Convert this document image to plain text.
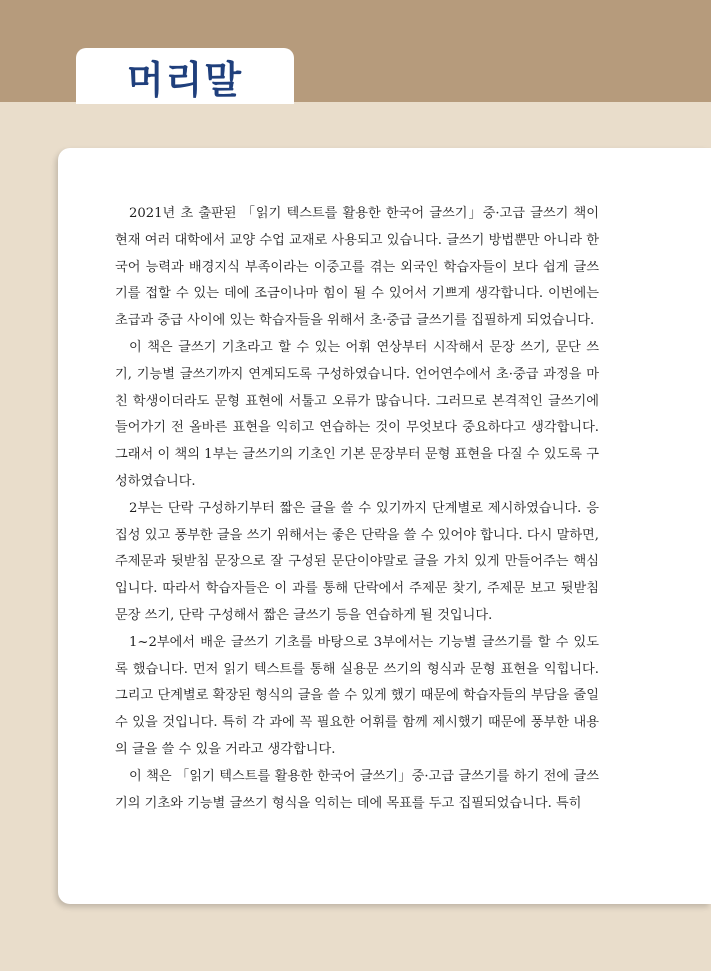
머리말

2021년 초 출판된 「읽기 텍스트를 활용한 한국어 글쓰기」중·고급 글쓰기 책이 현재 여러 대학에서 교양 수업 교재로 사용되고 있습니다. 글쓰기 방법뿐만 아니라 한국어 능력과 배경지식 부족이라는 이중고를 겪는 외국인 학습자들이 보다 쉽게 글쓰기를 접할 수 있는 데에 조금이나마 힘이 될 수 있어서 기쁘게 생각합니다. 이번에는 초급과 중급 사이에 있는 학습자들을 위해서 초·중급 글쓰기를 집필하게 되었습니다.

이 책은 글쓰기 기초라고 할 수 있는 어휘 연상부터 시작해서 문장 쓰기, 문단 쓰기, 기능별 글쓰기까지 연계되도록 구성하였습니다. 언어연수에서 초·중급 과정을 마친 학생이더라도 문형 표현에 서툴고 오류가 많습니다. 그러므로 본격적인 글쓰기에 들어가기 전 올바른 표현을 익히고 연습하는 것이 무엇보다 중요하다고 생각합니다. 그래서 이 책의 1부는 글쓰기의 기초인 기본 문장부터 문형 표현을 다질 수 있도록 구성하였습니다.

2부는 단락 구성하기부터 짧은 글을 쓸 수 있기까지 단계별로 제시하였습니다. 응집성 있고 풍부한 글을 쓰기 위해서는 좋은 단락을 쓸 수 있어야 합니다. 다시 말하면, 주제문과 뒷받침 문장으로 잘 구성된 문단이야말로 글을 가치 있게 만들어주는 핵심입니다. 따라서 학습자들은 이 과를 통해 단락에서 주제문 찾기, 주제문 보고 뒷받침 문장 쓰기, 단락 구성해서 짧은 글쓰기 등을 연습하게 될 것입니다.

1~2부에서 배운 글쓰기 기초를 바탕으로 3부에서는 기능별 글쓰기를 할 수 있도록 했습니다. 먼저 읽기 텍스트를 통해 실용문 쓰기의 형식과 문형 표현을 익힙니다. 그리고 단계별로 확장된 형식의 글을 쓸 수 있게 했기 때문에 학습자들의 부담을 줄일 수 있을 것입니다. 특히 각 과에 꼭 필요한 어휘를 함께 제시했기 때문에 풍부한 내용의 글을 쓸 수 있을 거라고 생각합니다.

이 책은 「읽기 텍스트를 활용한 한국어 글쓰기」중·고급 글쓰기를 하기 전에 글쓰기의 기초와 기능별 글쓰기 형식을 익히는 데에 목표를 두고 집필되었습니다. 특히
